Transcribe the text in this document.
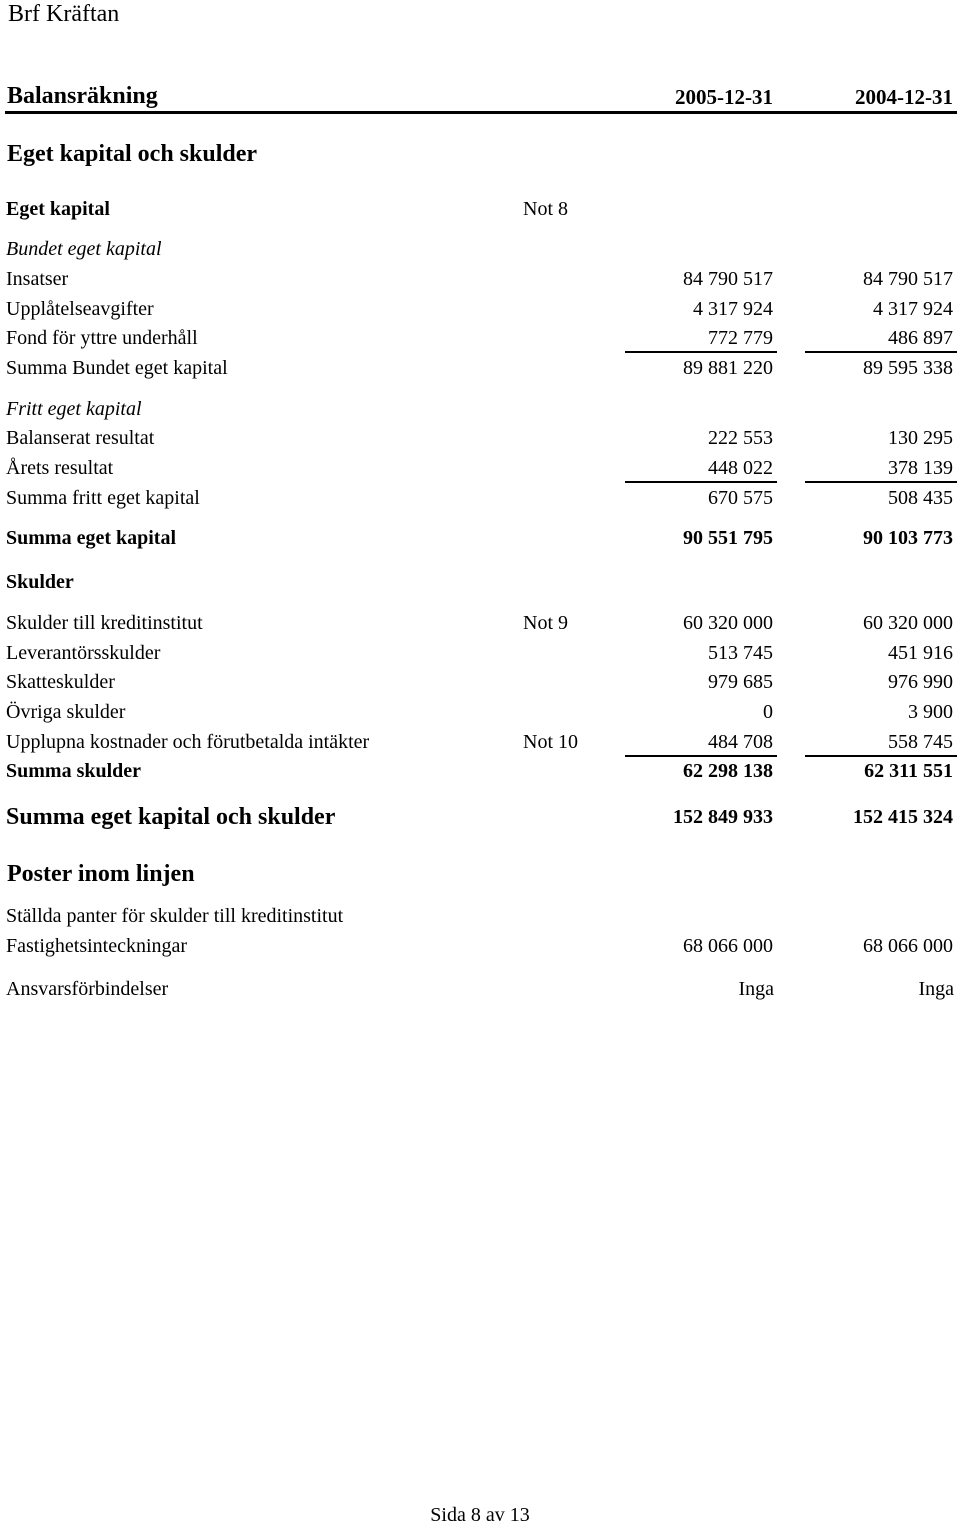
Brf Kräftan
Balansräkning	2005-12-31	2004-12-31
Eget kapital och skulder
Eget kapital	Not 8
Bundet eget kapital
Insatser	84 790 517	84 790 517
Upplåtelseavgifter	4 317 924	4 317 924
Fond för yttre underhåll	772 779	486 897
Summa Bundet eget kapital	89 881 220	89 595 338
Fritt eget kapital
Balanserat resultat	222 553	130 295
Årets resultat	448 022	378 139
Summa fritt eget kapital	670 575	508 435
Summa eget kapital	90 551 795	90 103 773
Skulder
Skulder till kreditinstitut	Not 9	60 320 000	60 320 000
Leverantörsskulder	513 745	451 916
Skatteskulder	979 685	976 990
Övriga skulder	0	3 900
Upplupna kostnader och förutbetalda intäkter	Not 10	484 708	558 745
Summa skulder	62 298 138	62 311 551
Summa eget kapital och skulder	152 849 933	152 415 324
Poster inom linjen
Ställda panter för skulder till kreditinstitut
Fastighetsinteckningar	68 066 000	68 066 000
Ansvarsförbindelser	Inga	Inga
Sida 8 av 13
